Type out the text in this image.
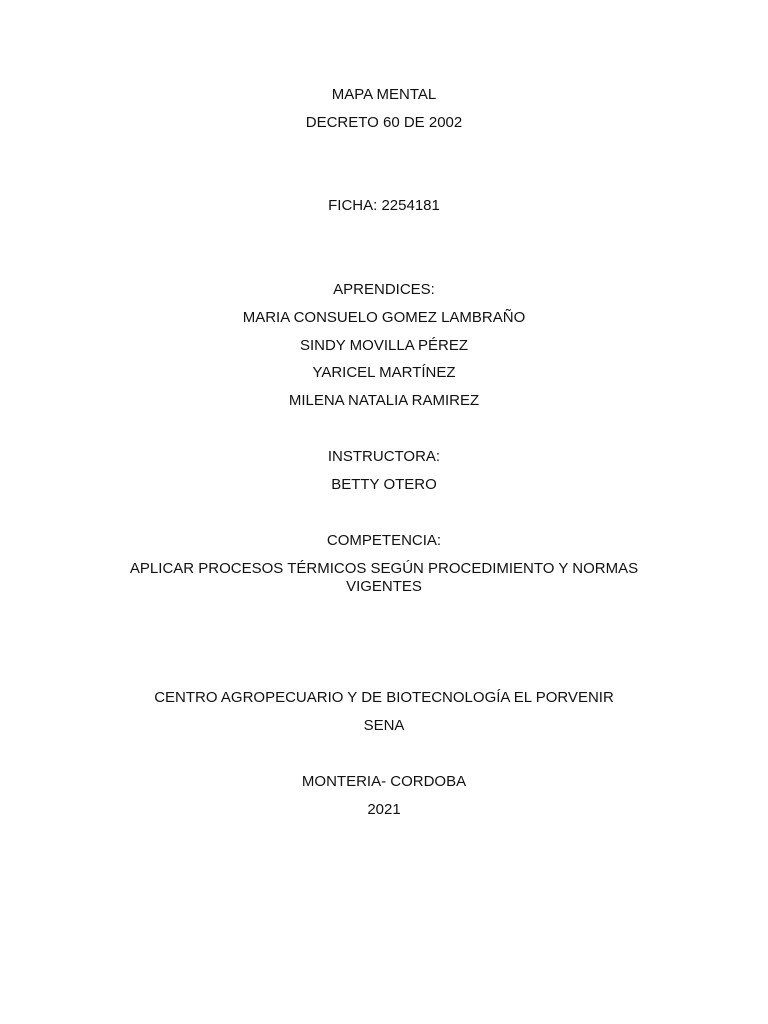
MAPA MENTAL

DECRETO 60 DE 2002

FICHA: 2254181

APRENDICES:

MARIA CONSUELO GOMEZ LAMBRAÑO

SINDY MOVILLA PÉREZ

YARICEL MARTÍNEZ

MILENA NATALIA RAMIREZ

INSTRUCTORA:

BETTY OTERO

COMPETENCIA:

APLICAR PROCESOS TÉRMICOS SEGÚN PROCEDIMIENTO Y NORMAS VIGENTES

CENTRO AGROPECUARIO Y DE BIOTECNOLOGÍA EL PORVENIR

SENA

MONTERIA- CORDOBA

2021
